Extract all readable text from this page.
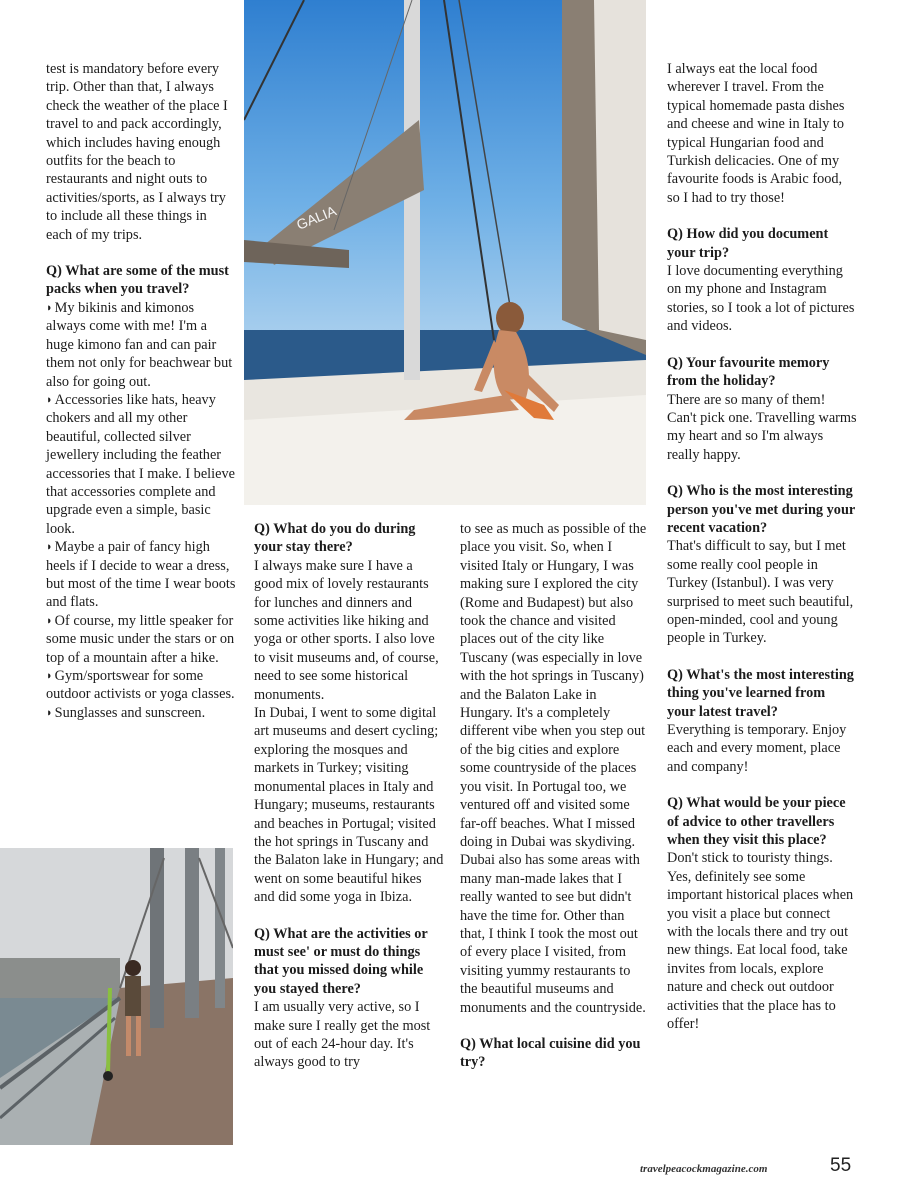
GALIA

test is mandatory before every trip. Other than that, I always check the weather of the place I travel to and pack accordingly, which includes having enough outfits for the beach to restaurants and night outs to activities/sports, as I always try to include all these things in each of my trips.

Q) What are some of the must packs when you travel?

◗ My bikinis and kimonos always come with me! I'm a huge kimono fan and can pair them not only for beachwear but also for going out.

◗ Accessories like hats, heavy chokers and all my other beautiful, collected silver jewellery including the feather accessories that I make. I believe that accessories complete and upgrade even a simple, basic look.

◗ Maybe a pair of fancy high heels if I decide to wear a dress, but most of the time I wear boots and flats.

◗ Of course, my little speaker for some music under the stars or on top of a mountain after a hike.

◗ Gym/sportswear for some outdoor activists or yoga classes.

◗ Sunglasses and sunscreen.

Q) What do you do during your stay there?

I always make sure I have a good mix of lovely restaurants for lunches and dinners and some activities like hiking and yoga or other sports. I also love to visit museums and, of course, need to see some historical monuments.

In Dubai, I went to some digital art museums and desert cycling; exploring the mosques and markets in Turkey; visiting monumental places in Italy and Hungary; museums, restaurants and beaches in Portugal; visited the hot springs in Tuscany and the Balaton lake in Hungary; and went on some beautiful hikes and did some yoga in Ibiza.

Q) What are the activities or must see' or must do things that you missed doing while you stayed there?

I am usually very active, so I make sure I really get the most out of each 24-hour day. It's always good to try

to see as much as possible of the place you visit. So, when I visited Italy or Hungary, I was making sure I explored the city (Rome and Budapest) but also took the chance and visited places out of the city like Tuscany (was especially in love with the hot springs in Tuscany) and the Balaton Lake in Hungary. It's a completely different vibe when you step out of the big cities and explore some countryside of the places you visit. In Portugal too, we ventured off and visited some far-off beaches. What I missed doing in Dubai was skydiving. Dubai also has some areas with many man-made lakes that I really wanted to see but didn't have the time for. Other than that, I think I took the most out of every place I visited, from visiting yummy restaurants to the beautiful museums and monuments and the countryside.

Q) What local cuisine did you try?

I always eat the local food wherever I travel. From the typical homemade pasta dishes and cheese and wine in Italy to typical Hungarian food and Turkish delicacies. One of my favourite foods is Arabic food, so I had to try those!

Q) How did you document your trip?

I love documenting everything on my phone and Instagram stories, so I took a lot of pictures and videos.

Q) Your favourite memory from the holiday?

There are so many of them! Can't pick one. Travelling warms my heart and so I'm always really happy.

Q) Who is the most interesting person you've met during your recent vacation?

That's difficult to say, but I met some really cool people in Turkey (Istanbul). I was very surprised to meet such beautiful, open-minded, cool and young people in Turkey.

Q) What's the most interesting thing you've learned from your latest travel?

Everything is temporary. Enjoy each and every moment, place and company!

Q) What would be your piece of advice to other travellers when they visit this place?

Don't stick to touristy things. Yes, definitely see some important historical places when you visit a place but connect with the locals there and try out new things. Eat local food, take invites from locals, explore nature and check out outdoor activities that the place has to offer!

travelpeacockmagazine.com	55
